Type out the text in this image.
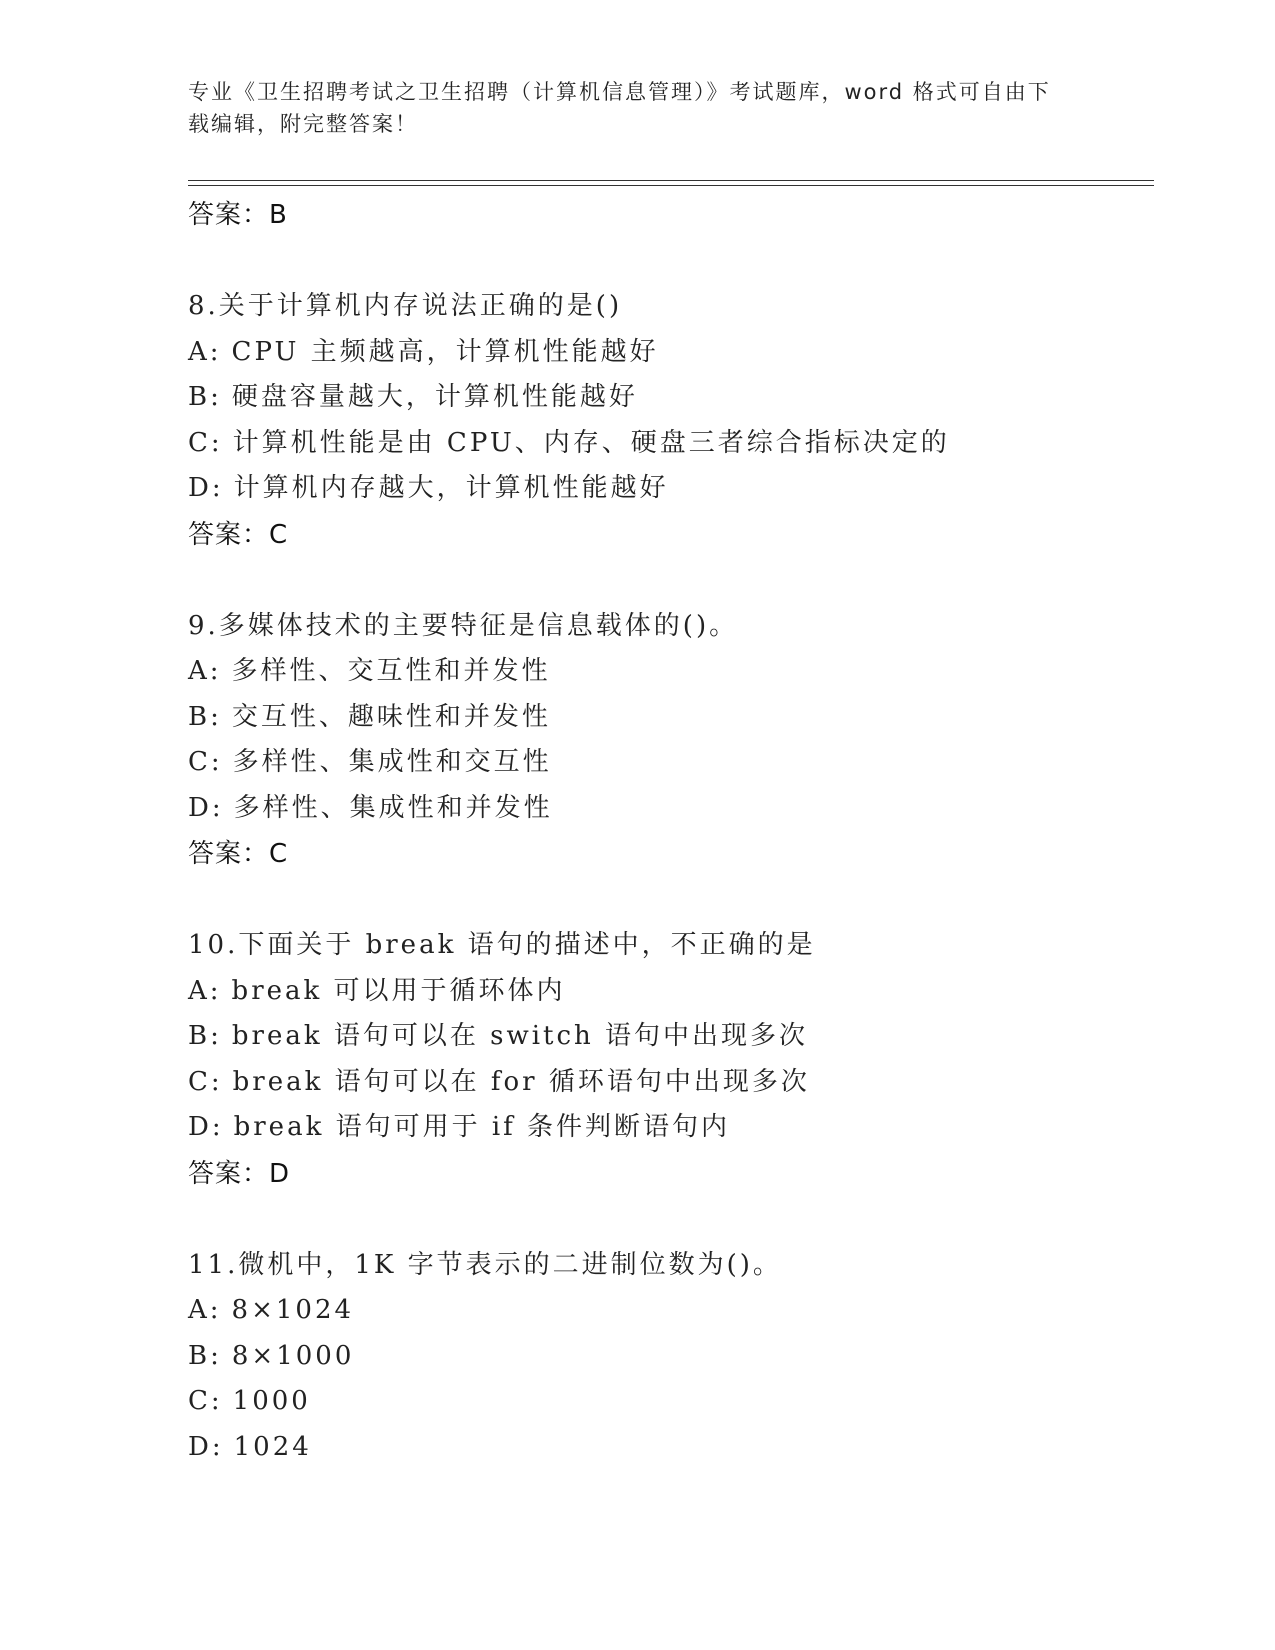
专业《卫生招聘考试之卫生招聘（计算机信息管理）》考试题库，word 格式可自由下载编辑，附完整答案！
答案：B
8.关于计算机内存说法正确的是()
A: CPU 主频越高，计算机性能越好
B: 硬盘容量越大，计算机性能越好
C: 计算机性能是由 CPU、内存、硬盘三者综合指标决定的
D: 计算机内存越大，计算机性能越好
答案：C
9.多媒体技术的主要特征是信息载体的()。
A: 多样性、交互性和并发性
B: 交互性、趣味性和并发性
C: 多样性、集成性和交互性
D: 多样性、集成性和并发性
答案：C
10.下面关于 break 语句的描述中，不正确的是
A: break 可以用于循环体内
B: break 语句可以在 switch 语句中出现多次
C: break 语句可以在 for 循环语句中出现多次
D: break 语句可用于 if 条件判断语句内
答案：D
11.微机中，1K 字节表示的二进制位数为()。
A: 8×1024
B: 8×1000
C: 1000
D: 1024
